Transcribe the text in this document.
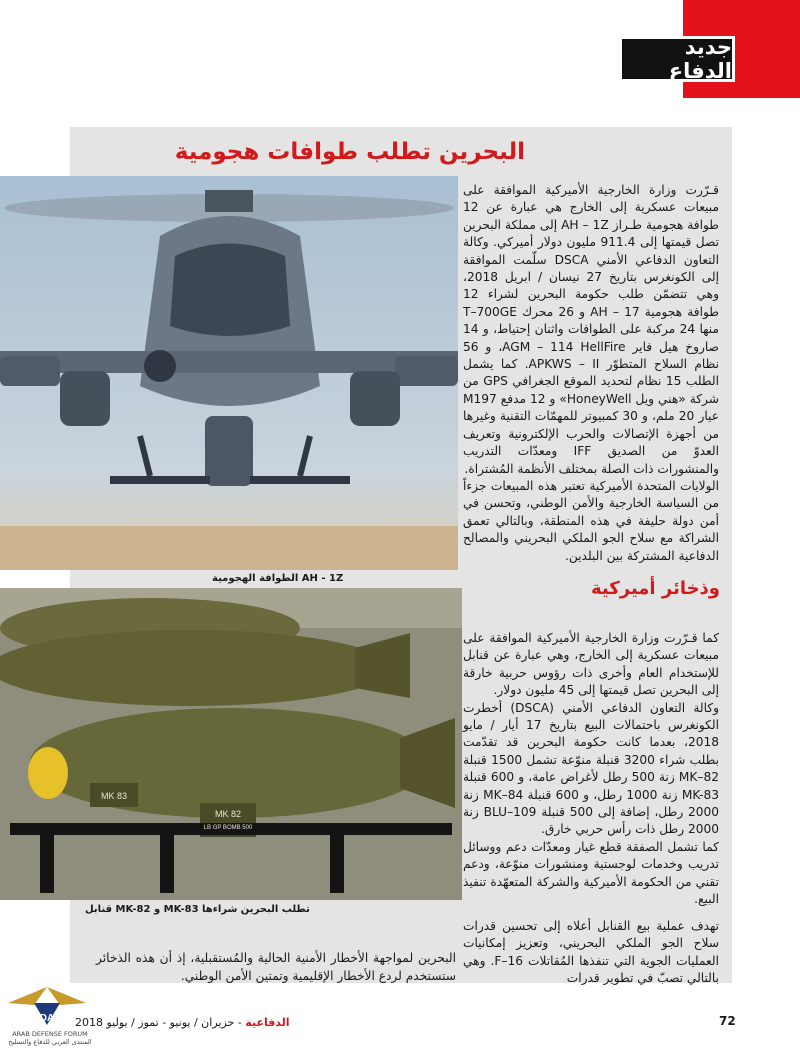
جديد الدفاع
البحرين تطلب طوافات هجومية
الطوافة الهجومية AH - 1Z
MK 83
MK 82
500 LB GP BOMB
قنابل MK-82 و MK-83 تطلب البحرين شراءها

قـرّرت وزارة الخارجية الأميركية الموافقة على مبيعات عسكرية إلى الخارج هي عبارة عن 12 طوافة هجومية طـراز AH – 1Z إلى مملكة البحرين تصل قيمتها إلى 911.4 مليون دولار أميركي. وكالة التعاون الدفاعي الأمني DSCA سلّمت الموافقة إلى الكونغرس بتاريخ 27 نيسان / ابريل 2018، وهي تتضمّن طلب حكومة البحرين لشراء 12 طوافة هجومية AH – 17 و 26 محرك T–700GE منها 24 مركبة على الطوافات واثنان إحتياط، و 14 صاروخ هيل فاير AGM – 114 HellFire، و 56 نظام السلاح المتطوّر APKWS – II. كما يشمل الطلب 15 نظام لتحديد الموقع الجغرافي GPS من شركة «هني ويل HoneyWell» و 12 مدفع M197 عيار 20 ملم، و 30 كمبيوتر للمهمّات التقنية وغيرها من أجهزة الإتصالات والحرب الإلكترونية وتعريف العدوّ من الصديق IFF ومعدّات التدريب والمنشورات ذات الصلة بمختلف الأنظمة المُشتراة.

الولايات المتحدة الأميركية تعتبر هذه المبيعات جزءاً من السياسة الخارجية والأمن الوطني، وتحسن في أمن دولة حليفة في هذه المنطقة، وبالتالي تعمق الشراكة مع سلاح الجو الملكي البحريني والمصالح الدفاعية المشتركة بين البلدين.

وذخائر أميركية

كما قـرّرت وزارة الخارجية الأميركية الموافقة على مبيعات عسكرية إلى الخارج، وهي عبارة عن قنابل للإستخدام العام وأخرى ذات رؤوس حربية خارقة إلى البحرين تصل قيمتها إلى 45 مليون دولار.

وكالة التعاون الدفاعي الأمني (DSCA) أخطرت الكونغرس باحتمالات البيع بتاريخ 17 أيار / مايو 2018، بعدما كانت حكومة البحرين قد تقدّمت بطلب شراء 3200 قنبلة منوّعة تشمل 1500 قنبلة MK–82 زنة 500 رطل لأغراض عامة، و 600 قنبلة MK-83 زنة 1000 رطل، و 600 قنبلة MK–84 زنة 2000 رطل، إضافة إلى 500 قنبلة BLU–109 زنة 2000 رطل ذات رأس حربي خارق.

كما تشمل الصفقة قطع غيار ومعدّات دعم ووسائل تدريب وخدمات لوجستية ومنشورات منوّعة، ودعم تقني من الحكومة الأميركية والشركة المتعهّدة تنفيذ البيع.

تهدف عملية بيع القنابل أعلاه إلى تحسين قدرات سلاح الجو الملكي البحريني، وتعزيز إمكانيات العمليات الجوية التي تنفذها المُقاتلات F–16. وهي بالتالي تصبّ في تطوير قدرات

البحرين لمواجهة الأخطار الأمنية الحالية والمُستقبلية، إذ أن هذه الذخائر ستستخدم لردع الأخطار الإقليمية وتمتين الأمن الوطني.

DA
ARAB DEFENSE FORUM
المنتدى العربي للدفاع والتسليح
الدفاعية - حزيران / يونيو - تموز / يوليو 2018	72
